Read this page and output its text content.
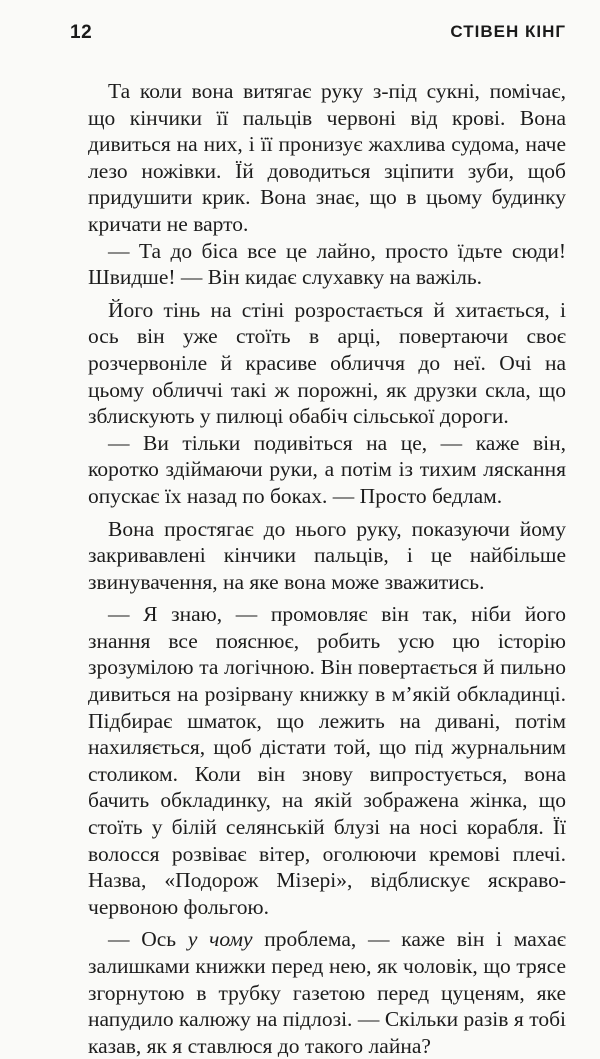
12	СТІВЕН КІНГ

Та коли вона витягає руку з-під сукні, помічає, що кінчики її пальців червоні від крові. Вона дивиться на них, і її пронизує жахлива судома, наче лезо ножівки. Їй доводиться зціпити зуби, щоб придушити крик. Вона знає, що в цьому будинку кричати не варто.

— Та до біса все це лайно, просто їдьте сюди! Швидше! — Він кидає слухавку на важіль.

Його тінь на стіні розростається й хитається, і ось він уже стоїть в арці, повертаючи своє розчервоніле й красиве обличчя до неї. Очі на цьому обличчі такі ж порожні, як друзки скла, що зблискують у пилюці обабіч сільської дороги.

— Ви тільки подивіться на це, — каже він, коротко здіймаючи руки, а потім із тихим ляскання опускає їх назад по боках. — Просто бедлам.

Вона простягає до нього руку, показуючи йому закривавлені кінчики пальців, і це найбільше звинувачення, на яке вона може зважитись.

— Я знаю, — промовляє він так, ніби його знання все пояснює, робить усю цю історію зрозумілою та логічною. Він повертається й пильно дивиться на розірвану книжку в м’якій обкладинці. Підбирає шматок, що лежить на дивані, потім нахиляється, щоб дістати той, що під журнальним столиком. Коли він знову випростується, вона бачить обкладинку, на якій зображена жінка, що стоїть у білій селянській блузі на носі корабля. Її волосся розвіває вітер, оголюючи кремові плечі. Назва, «Подорож Мізері», відблискує яскраво-червоною фольгою.

— Ось у чому проблема, — каже він і махає залишками книжки перед нею, як чоловік, що трясе згорнутою в трубку газетою перед цуценям, яке напудило калюжу на підлозі. — Скільки разів я тобі казав, як я ставлюся до такого лайна?
